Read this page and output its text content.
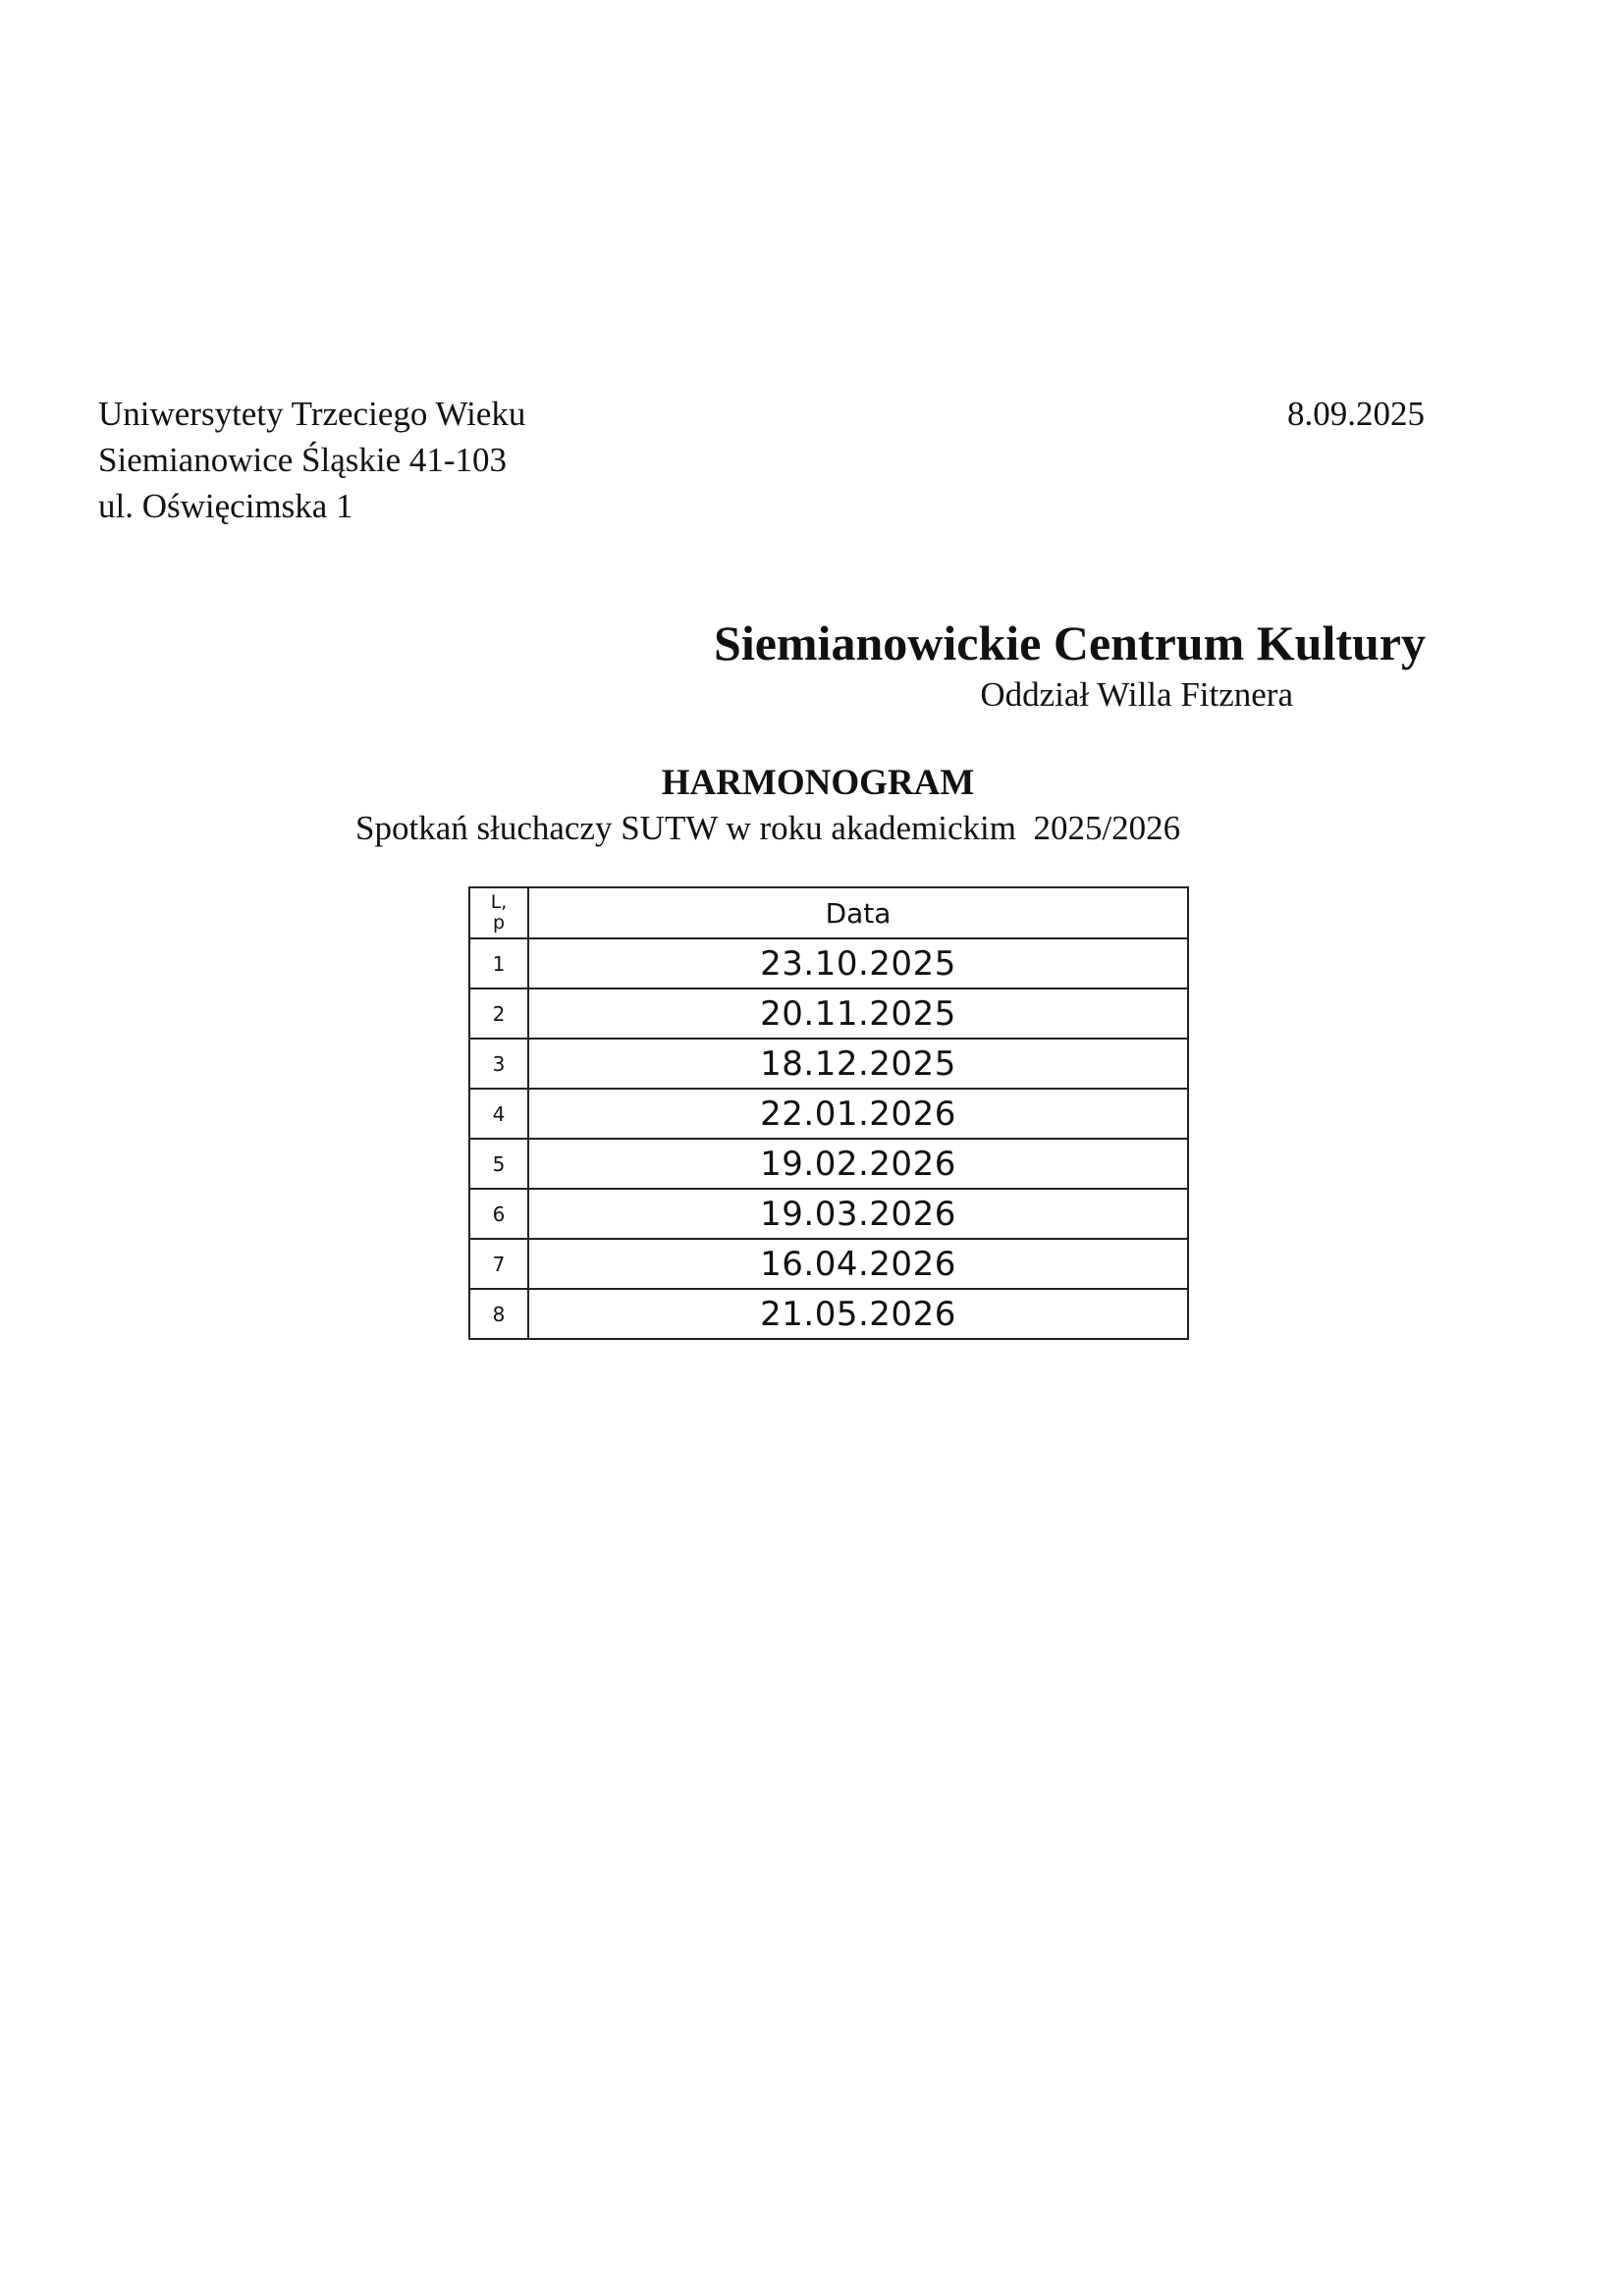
Uniwersytety Trzeciego Wieku
Siemianowice Śląskie 41-103
ul. Oświęcimska 1
8.09.2025
Siemianowickie Centrum Kultury
Oddział Willa Fitznera
HARMONOGRAM
Spotkań słuchaczy SUTW w roku akademickim  2025/2026
L,
p	Data
1	23.10.2025
2	20.11.2025
3	18.12.2025
4	22.01.2026
5	19.02.2026
6	19.03.2026
7	16.04.2026
8	21.05.2026
